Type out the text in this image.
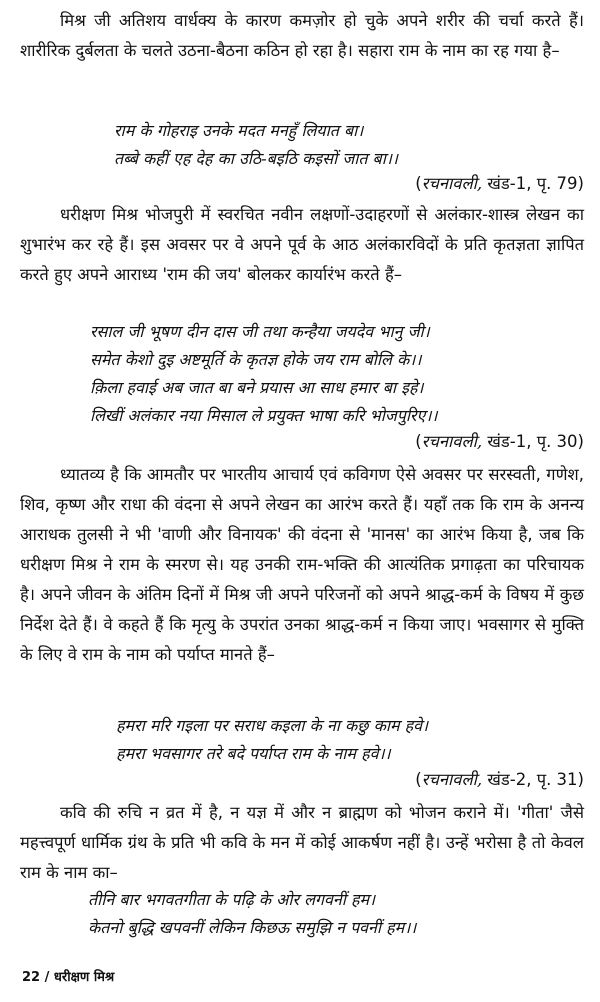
मिश्र जी अतिशय वार्धक्य के कारण कमज़ोर हो चुके अपने शरीर की चर्चा करते हैं। शारीरिक दुर्बलता के चलते उठना-बैठना कठिन हो रहा है। सहारा राम के नाम का रह गया है–

राम के गोहराइ उनके मदत मनहुँ लियात बा।
तब्बे कहीं एह देह का उठि-बइठि कइसों जात बा।।

(रचनावली, खंड-1, पृ. 79)

धरीक्षण मिश्र भोजपुरी में स्वरचित नवीन लक्षणों-उदाहरणों से अलंकार-शास्त्र लेखन का शुभारंभ कर रहे हैं। इस अवसर पर वे अपने पूर्व के आठ अलंकारविदों के प्रति कृतज्ञता ज्ञापित करते हुए अपने आराध्य 'राम की जय' बोलकर कार्यारंभ करते हैं–

रसाल जी भूषण दीन दास जी तथा कन्हैया जयदेव भानु जी।
समेत केशो दुइ अष्टमूर्ति के कृतज्ञ होके जय राम बोलि के।।
क़िला हवाई अब जात बा बने प्रयास आ साध हमार बा इहे।
लिखीं अलंकार नया मिसाल ले प्रयुक्त भाषा करि भोजपुरिए।।

(रचनावली, खंड-1, पृ. 30)

ध्यातव्य है कि आमतौर पर भारतीय आचार्य एवं कविगण ऐसे अवसर पर सरस्वती, गणेश, शिव, कृष्ण और राधा की वंदना से अपने लेखन का आरंभ करते हैं। यहाँ तक कि राम के अनन्य आराधक तुलसी ने भी 'वाणी और विनायक' की वंदना से 'मानस' का आरंभ किया है, जब कि धरीक्षण मिश्र ने राम के स्मरण से। यह उनकी राम-भक्ति की आत्यंतिक प्रगाढ़ता का परिचायक है। अपने जीवन के अंतिम दिनों में मिश्र जी अपने परिजनों को अपने श्राद्ध-कर्म के विषय में कुछ निर्देश देते हैं। वे कहते हैं कि मृत्यु के उपरांत उनका श्राद्ध-कर्म न किया जाए। भवसागर से मुक्ति के लिए वे राम के नाम को पर्याप्त मानते हैं–

हमरा मरि गइला पर सराध कइला के ना कछु काम हवे।
हमरा भवसागर तरे बदे पर्याप्त राम के नाम हवे।।

(रचनावली, खंड-2, पृ. 31)

कवि की रुचि न व्रत में है, न यज्ञ में और न ब्राह्मण को भोजन कराने में। 'गीता' जैसे महत्त्वपूर्ण धार्मिक ग्रंथ के प्रति भी कवि के मन में कोई आकर्षण नहीं है। उन्हें भरोसा है तो केवल राम के नाम का–

तीनि बार भगवतगीता के पढ़ि के ओर लगवनीं हम।
केतनो बुद्धि खपवनीं लेकिन किछऊ समुझि न पवनीं हम।।

22 / धरीक्षण मिश्र
